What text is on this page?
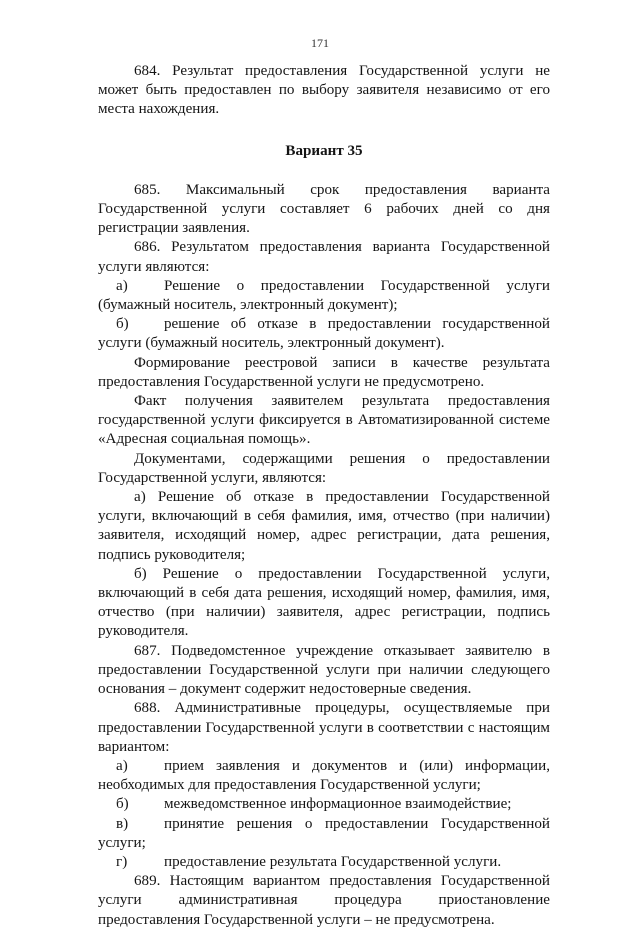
171

684. Результат предоставления Государственной услуги не может быть предоставлен по выбору заявителя независимо от его места нахождения.

Вариант 35

685. Максимальный срок предоставления варианта Государственной услуги составляет 6 рабочих дней со дня регистрации заявления.

686. Результатом предоставления варианта Государственной услуги являются:

а) Решение о предоставлении Государственной услуги (бумажный носитель, электронный документ);

б) решение об отказе в предоставлении государственной услуги (бумажный носитель, электронный документ).

Формирование реестровой записи в качестве результата предоставления Государственной услуги не предусмотрено.

Факт получения заявителем результата предоставления государственной услуги фиксируется в Автоматизированной системе «Адресная социальная помощь».

Документами, содержащими решения о предоставлении Государственной услуги, являются:

а) Решение об отказе в предоставлении Государственной услуги, включающий в себя фамилия, имя, отчество (при наличии) заявителя, исходящий номер, адрес регистрации, дата решения, подпись руководителя;

б) Решение о предоставлении Государственной услуги, включающий в себя дата решения, исходящий номер, фамилия, имя, отчество (при наличии) заявителя, адрес регистрации, подпись руководителя.

687. Подведомстенное учреждение отказывает заявителю в предоставлении Государственной услуги при наличии следующего основания – документ содержит недостоверные сведения.

688. Административные процедуры, осуществляемые при предоставлении Государственной услуги в соответствии с настоящим вариантом:

а) прием заявления и документов и (или) информации, необходимых для предоставления Государственной услуги;

б) межведомственное информационное взаимодействие;

в) принятие решения о предоставлении Государственной услуги;

г) предоставление результата Государственной услуги.

689. Настоящим вариантом предоставления Государственной услуги административная процедура приостановление предоставления Государственной услуги – не предусмотрена.
